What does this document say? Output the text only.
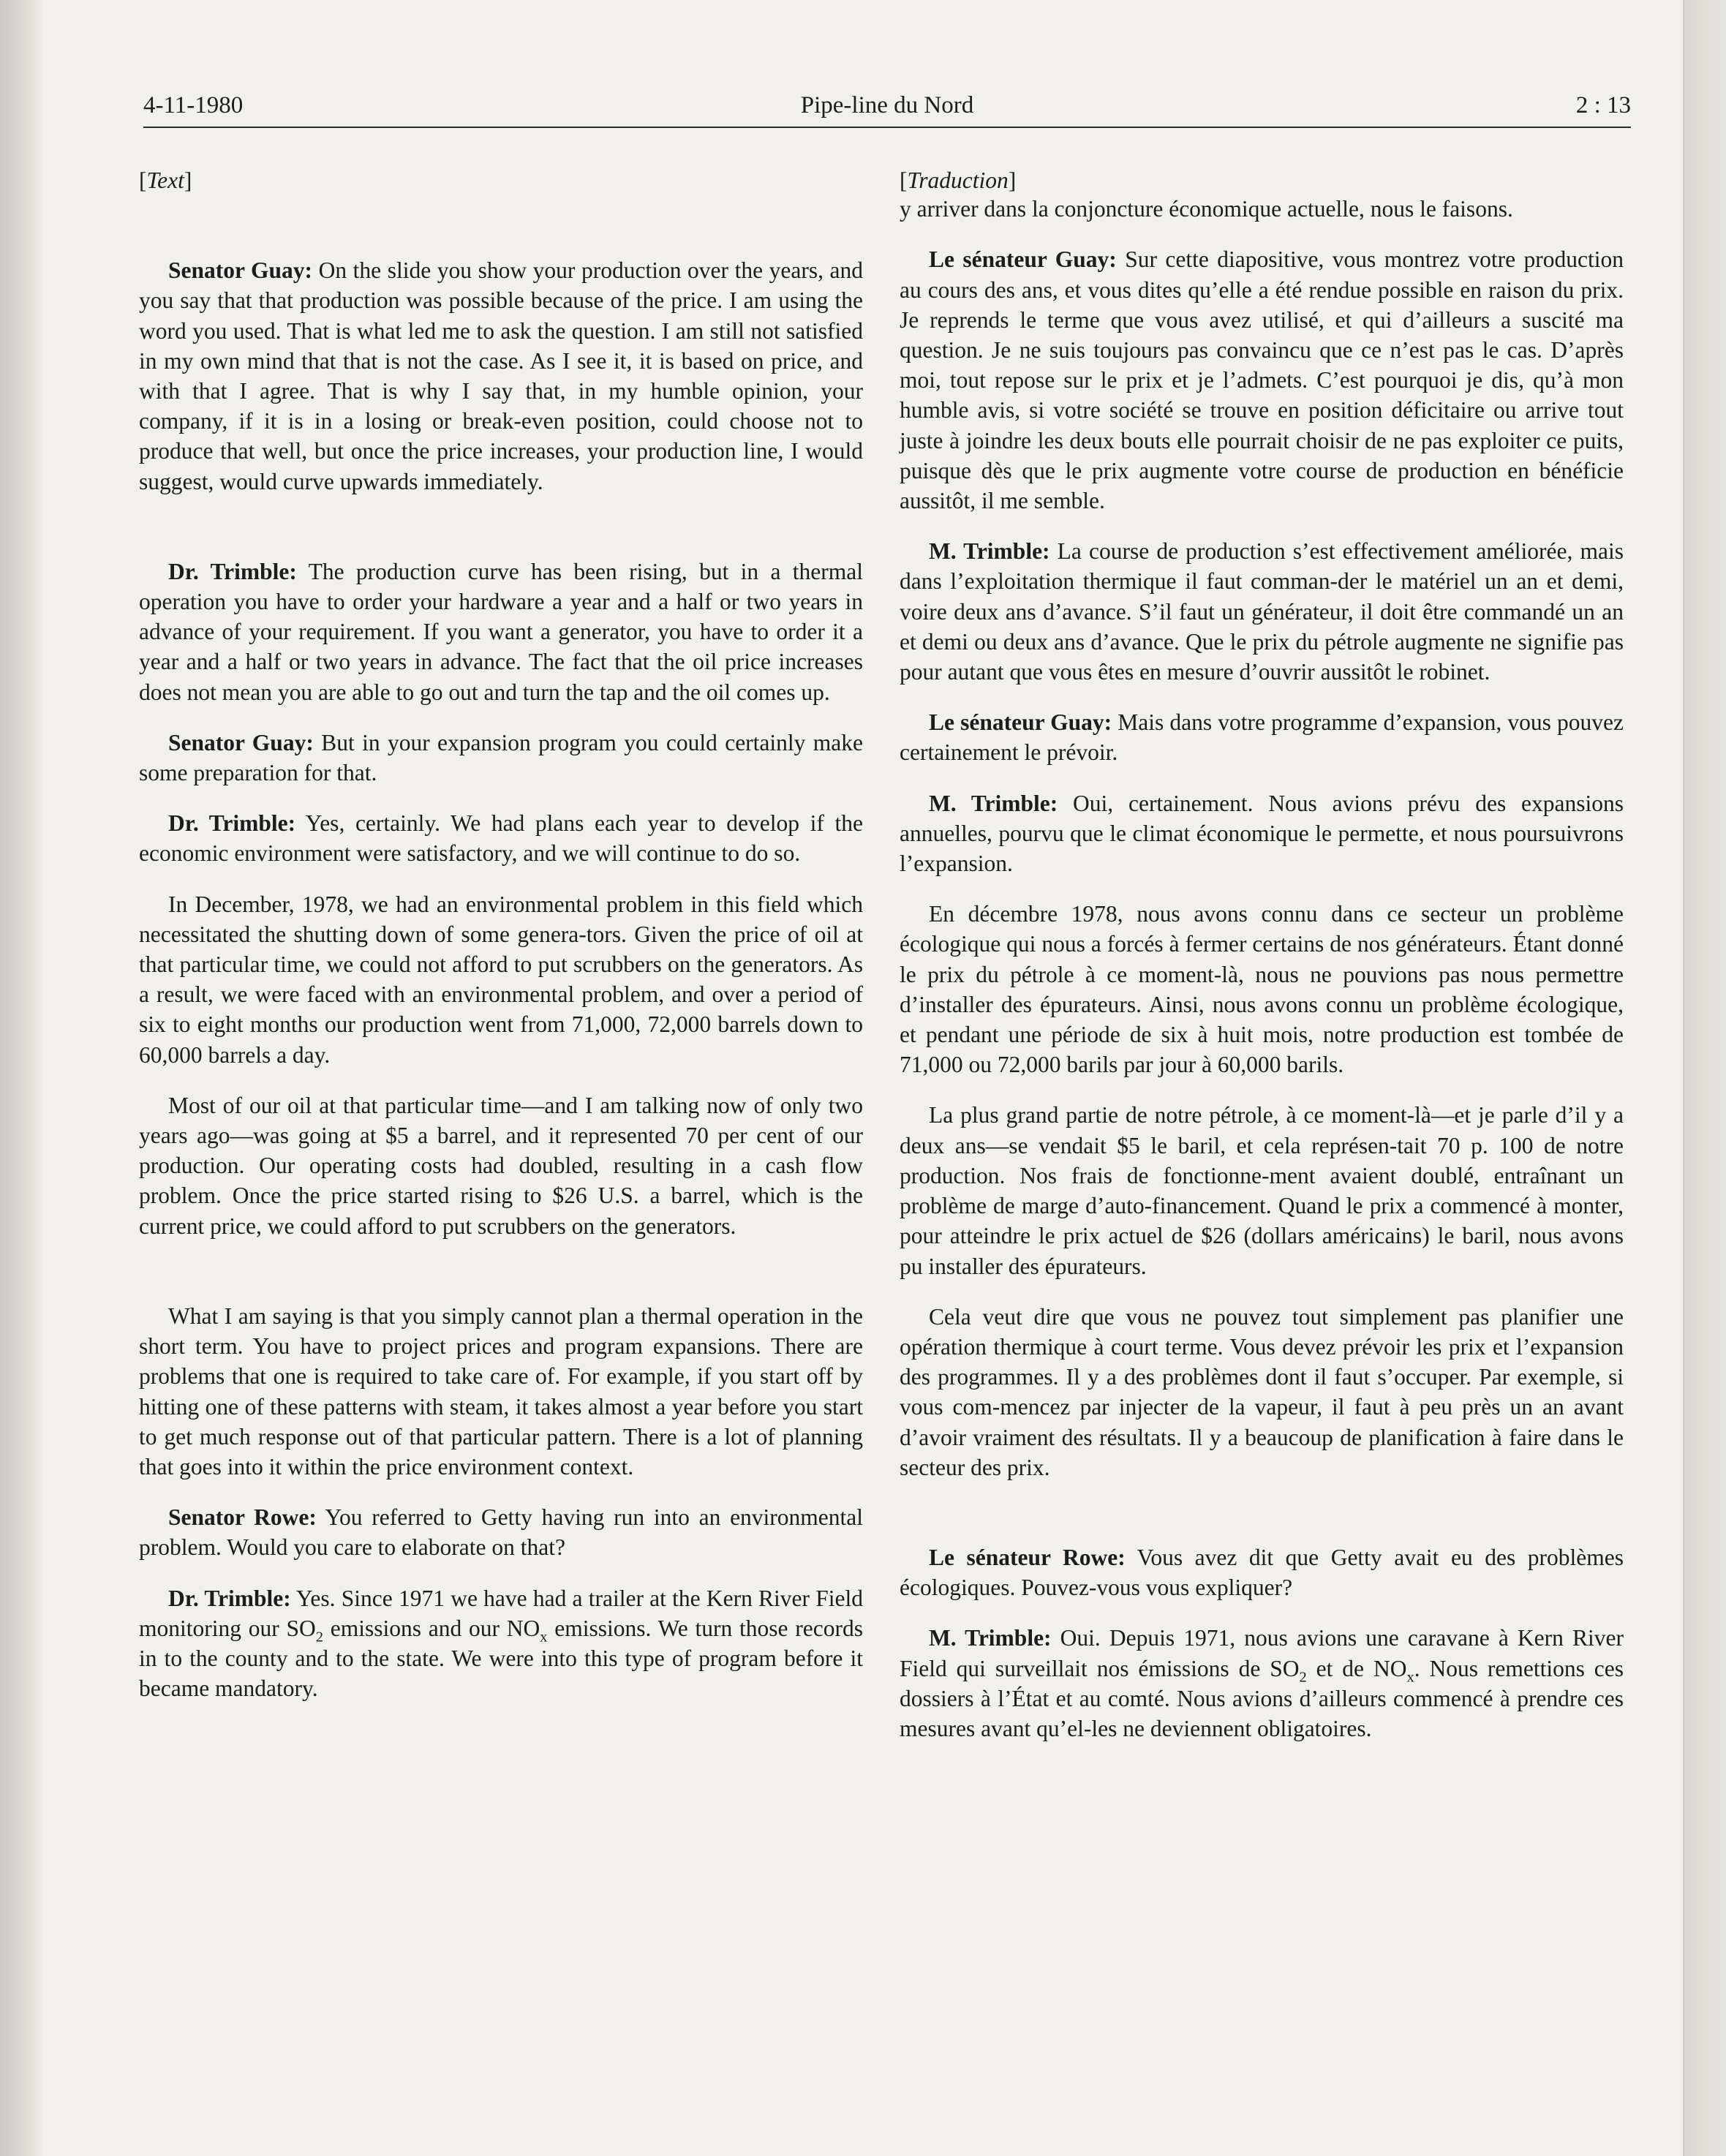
4-11-1980	Pipe-line du Nord	2 : 13

[Text]

Senator Guay: On the slide you show your production over the years, and you say that that production was possible because of the price. I am using the word you used. That is what led me to ask the question. I am still not satisfied in my own mind that that is not the case. As I see it, it is based on price, and with that I agree. That is why I say that, in my humble opinion, your company, if it is in a losing or break-even position, could choose not to produce that well, but once the price increases, your production line, I would suggest, would curve upwards immediately.

Dr. Trimble: The production curve has been rising, but in a thermal operation you have to order your hardware a year and a half or two years in advance of your requirement. If you want a generator, you have to order it a year and a half or two years in advance. The fact that the oil price increases does not mean you are able to go out and turn the tap and the oil comes up.

Senator Guay: But in your expansion program you could certainly make some preparation for that.

Dr. Trimble: Yes, certainly. We had plans each year to develop if the economic environment were satisfactory, and we will continue to do so.

In December, 1978, we had an environmental problem in this field which necessitated the shutting down of some genera-tors. Given the price of oil at that particular time, we could not afford to put scrubbers on the generators. As a result, we were faced with an environmental problem, and over a period of six to eight months our production went from 71,000, 72,000 barrels down to 60,000 barrels a day.

Most of our oil at that particular time—and I am talking now of only two years ago—was going at $5 a barrel, and it represented 70 per cent of our production. Our operating costs had doubled, resulting in a cash flow problem. Once the price started rising to $26 U.S. a barrel, which is the current price, we could afford to put scrubbers on the generators.

What I am saying is that you simply cannot plan a thermal operation in the short term. You have to project prices and program expansions. There are problems that one is required to take care of. For example, if you start off by hitting one of these patterns with steam, it takes almost a year before you start to get much response out of that particular pattern. There is a lot of planning that goes into it within the price environment context.

Senator Rowe: You referred to Getty having run into an environmental problem. Would you care to elaborate on that?

Dr. Trimble: Yes. Since 1971 we have had a trailer at the Kern River Field monitoring our $SO_2$ emissions and our $NO_x$ emissions. We turn those records in to the county and to the state. We were into this type of program before it became mandatory.

[Traduction]

y arriver dans la conjoncture économique actuelle, nous le faisons.

Le sénateur Guay: Sur cette diapositive, vous montrez votre production au cours des ans, et vous dites qu’elle a été rendue possible en raison du prix. Je reprends le terme que vous avez utilisé, et qui d’ailleurs a suscité ma question. Je ne suis toujours pas convaincu que ce n’est pas le cas. D’après moi, tout repose sur le prix et je l’admets. C’est pourquoi je dis, qu’à mon humble avis, si votre société se trouve en position déficitaire ou arrive tout juste à joindre les deux bouts elle pourrait choisir de ne pas exploiter ce puits, puisque dès que le prix augmente votre course de production en bénéficie aussitôt, il me semble.

M. Trimble: La course de production s’est effectivement améliorée, mais dans l’exploitation thermique il faut comman-der le matériel un an et demi, voire deux ans d’avance. S’il faut un générateur, il doit être commandé un an et demi ou deux ans d’avance. Que le prix du pétrole augmente ne signifie pas pour autant que vous êtes en mesure d’ouvrir aussitôt le robinet.

Le sénateur Guay: Mais dans votre programme d’expansion, vous pouvez certainement le prévoir.

M. Trimble: Oui, certainement. Nous avions prévu des expansions annuelles, pourvu que le climat économique le permette, et nous poursuivrons l’expansion.

En décembre 1978, nous avons connu dans ce secteur un problème écologique qui nous a forcés à fermer certains de nos générateurs. Étant donné le prix du pétrole à ce moment-là, nous ne pouvions pas nous permettre d’installer des épurateurs. Ainsi, nous avons connu un problème écologique, et pendant une période de six à huit mois, notre production est tombée de 71,000 ou 72,000 barils par jour à 60,000 barils.

La plus grand partie de notre pétrole, à ce moment-là—et je parle d’il y a deux ans—se vendait $5 le baril, et cela représen-tait 70 p. 100 de notre production. Nos frais de fonctionne-ment avaient doublé, entraînant un problème de marge d’auto-financement. Quand le prix a commencé à monter, pour atteindre le prix actuel de $26 (dollars américains) le baril, nous avons pu installer des épurateurs.

Cela veut dire que vous ne pouvez tout simplement pas planifier une opération thermique à court terme. Vous devez prévoir les prix et l’expansion des programmes. Il y a des problèmes dont il faut s’occuper. Par exemple, si vous com-mencez par injecter de la vapeur, il faut à peu près un an avant d’avoir vraiment des résultats. Il y a beaucoup de planification à faire dans le secteur des prix.

Le sénateur Rowe: Vous avez dit que Getty avait eu des problèmes écologiques. Pouvez-vous vous expliquer?

M. Trimble: Oui. Depuis 1971, nous avions une caravane à Kern River Field qui surveillait nos émissions de $SO_2$ et de $NO_x$. Nous remettions ces dossiers à l’État et au comté. Nous avions d’ailleurs commencé à prendre ces mesures avant qu’el-les ne deviennent obligatoires.
